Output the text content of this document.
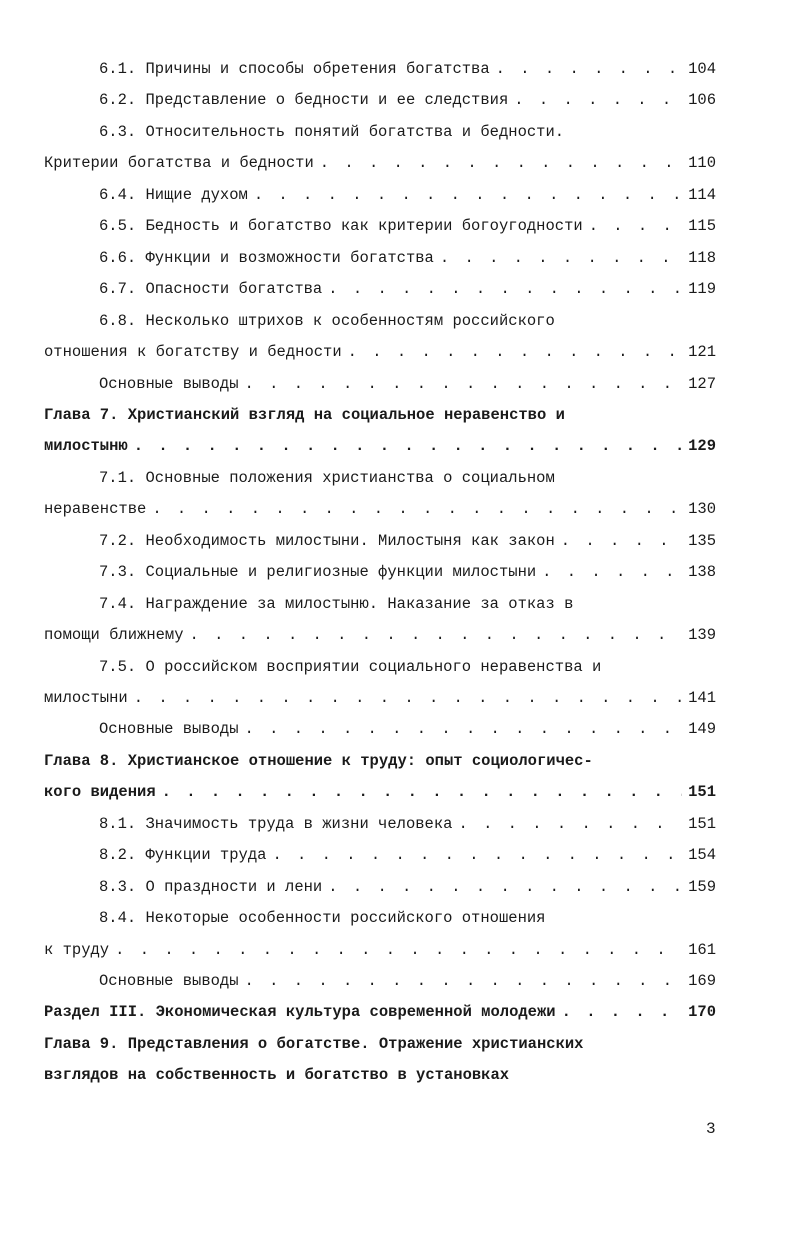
6.1. Причины и способы обретения богатства . . .	104
6.2. Представление о бедности и ее следствия . . .	106
6.3. Относительность понятий богатства и бедности.
Критерии богатства и бедности . . .	110
6.4. Нищие духом . . .	114
6.5. Бедность и богатство как критерии богоугодности . . .	115
6.6. Функции и возможности богатства . . .	118
6.7. Опасности богатства . . .	119
6.8. Несколько штрихов к особенностям российского
отношения к богатству и бедности . . .	121
Основные выводы . . .	127
Глава 7. Христианский взгляд на социальное неравенство и
милостыню . . .	129
7.1. Основные положения христианства о социальном
неравенстве . . .	130
7.2. Необходимость милостыни. Милостыня как закон . . .	135
7.3. Социальные и религиозные функции милостыни . . .	138
7.4. Награждение за милостыню. Наказание за отказ в
помощи ближнему . . .	139
7.5. О российском восприятии социального неравенства и
милостыни . . .	141
Основные выводы . . .	149
Глава 8. Христианское отношение к труду: опыт социологичес-
кого видения . . .	151
8.1. Значимость труда в жизни человека . . .	151
8.2. Функции труда . . .	154
8.3. О праздности и лени . . .	159
8.4. Некоторые особенности российского отношения
к труду . . .	161
Основные выводы . . .	169
Раздел III. Экономическая культура современной молодежи . . .	170
Глава 9. Представления о богатстве. Отражение христианских
взглядов на собственность и богатство в установках
3
